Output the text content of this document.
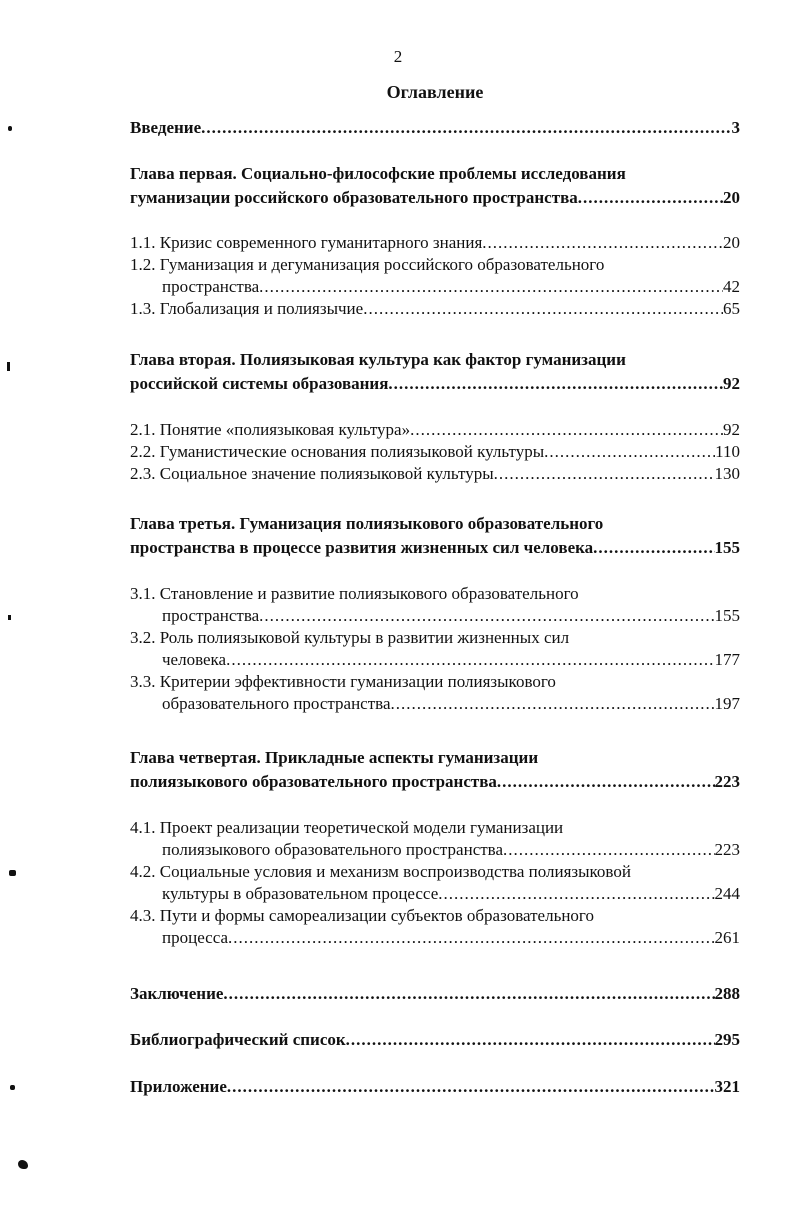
2
Оглавление
Введение .....	3
Глава первая. Социально-философские проблемы исследования
гуманизации российского образовательного пространства .....	20
1.1. Кризис современного гуманитарного знания .....	20
1.2. Гуманизация и дегуманизация российского образовательного
пространства .....	42
1.3. Глобализация и полиязычие .....	65
Глава вторая. Полиязыковая культура как фактор гуманизации
российской системы образования .....	92
2.1. Понятие «полиязыковая культура» .....	92
2.2. Гуманистические основания полиязыковой культуры .....	110
2.3. Социальное значение полиязыковой культуры .....	130
Глава третья. Гуманизация полиязыкового образовательного
пространства в процессе развития жизненных сил человека .....	155
3.1. Становление и развитие полиязыкового образовательного
пространства .....	155
3.2. Роль полиязыковой культуры в развитии жизненных сил
человека .....	177
3.3. Критерии эффективности гуманизации полиязыкового
образовательного пространства .....	197
Глава четвертая. Прикладные аспекты гуманизации
полиязыкового образовательного пространства .....	223
4.1. Проект реализации теоретической модели гуманизации
полиязыкового образовательного пространства .....	223
4.2. Социальные условия и механизм воспроизводства полиязыковой
культуры в образовательном процессе .....	244
4.3. Пути и формы самореализации субъектов образовательного
процесса .....	261
Заключение .....	288
Библиографический список .....	295
Приложение .....	321
